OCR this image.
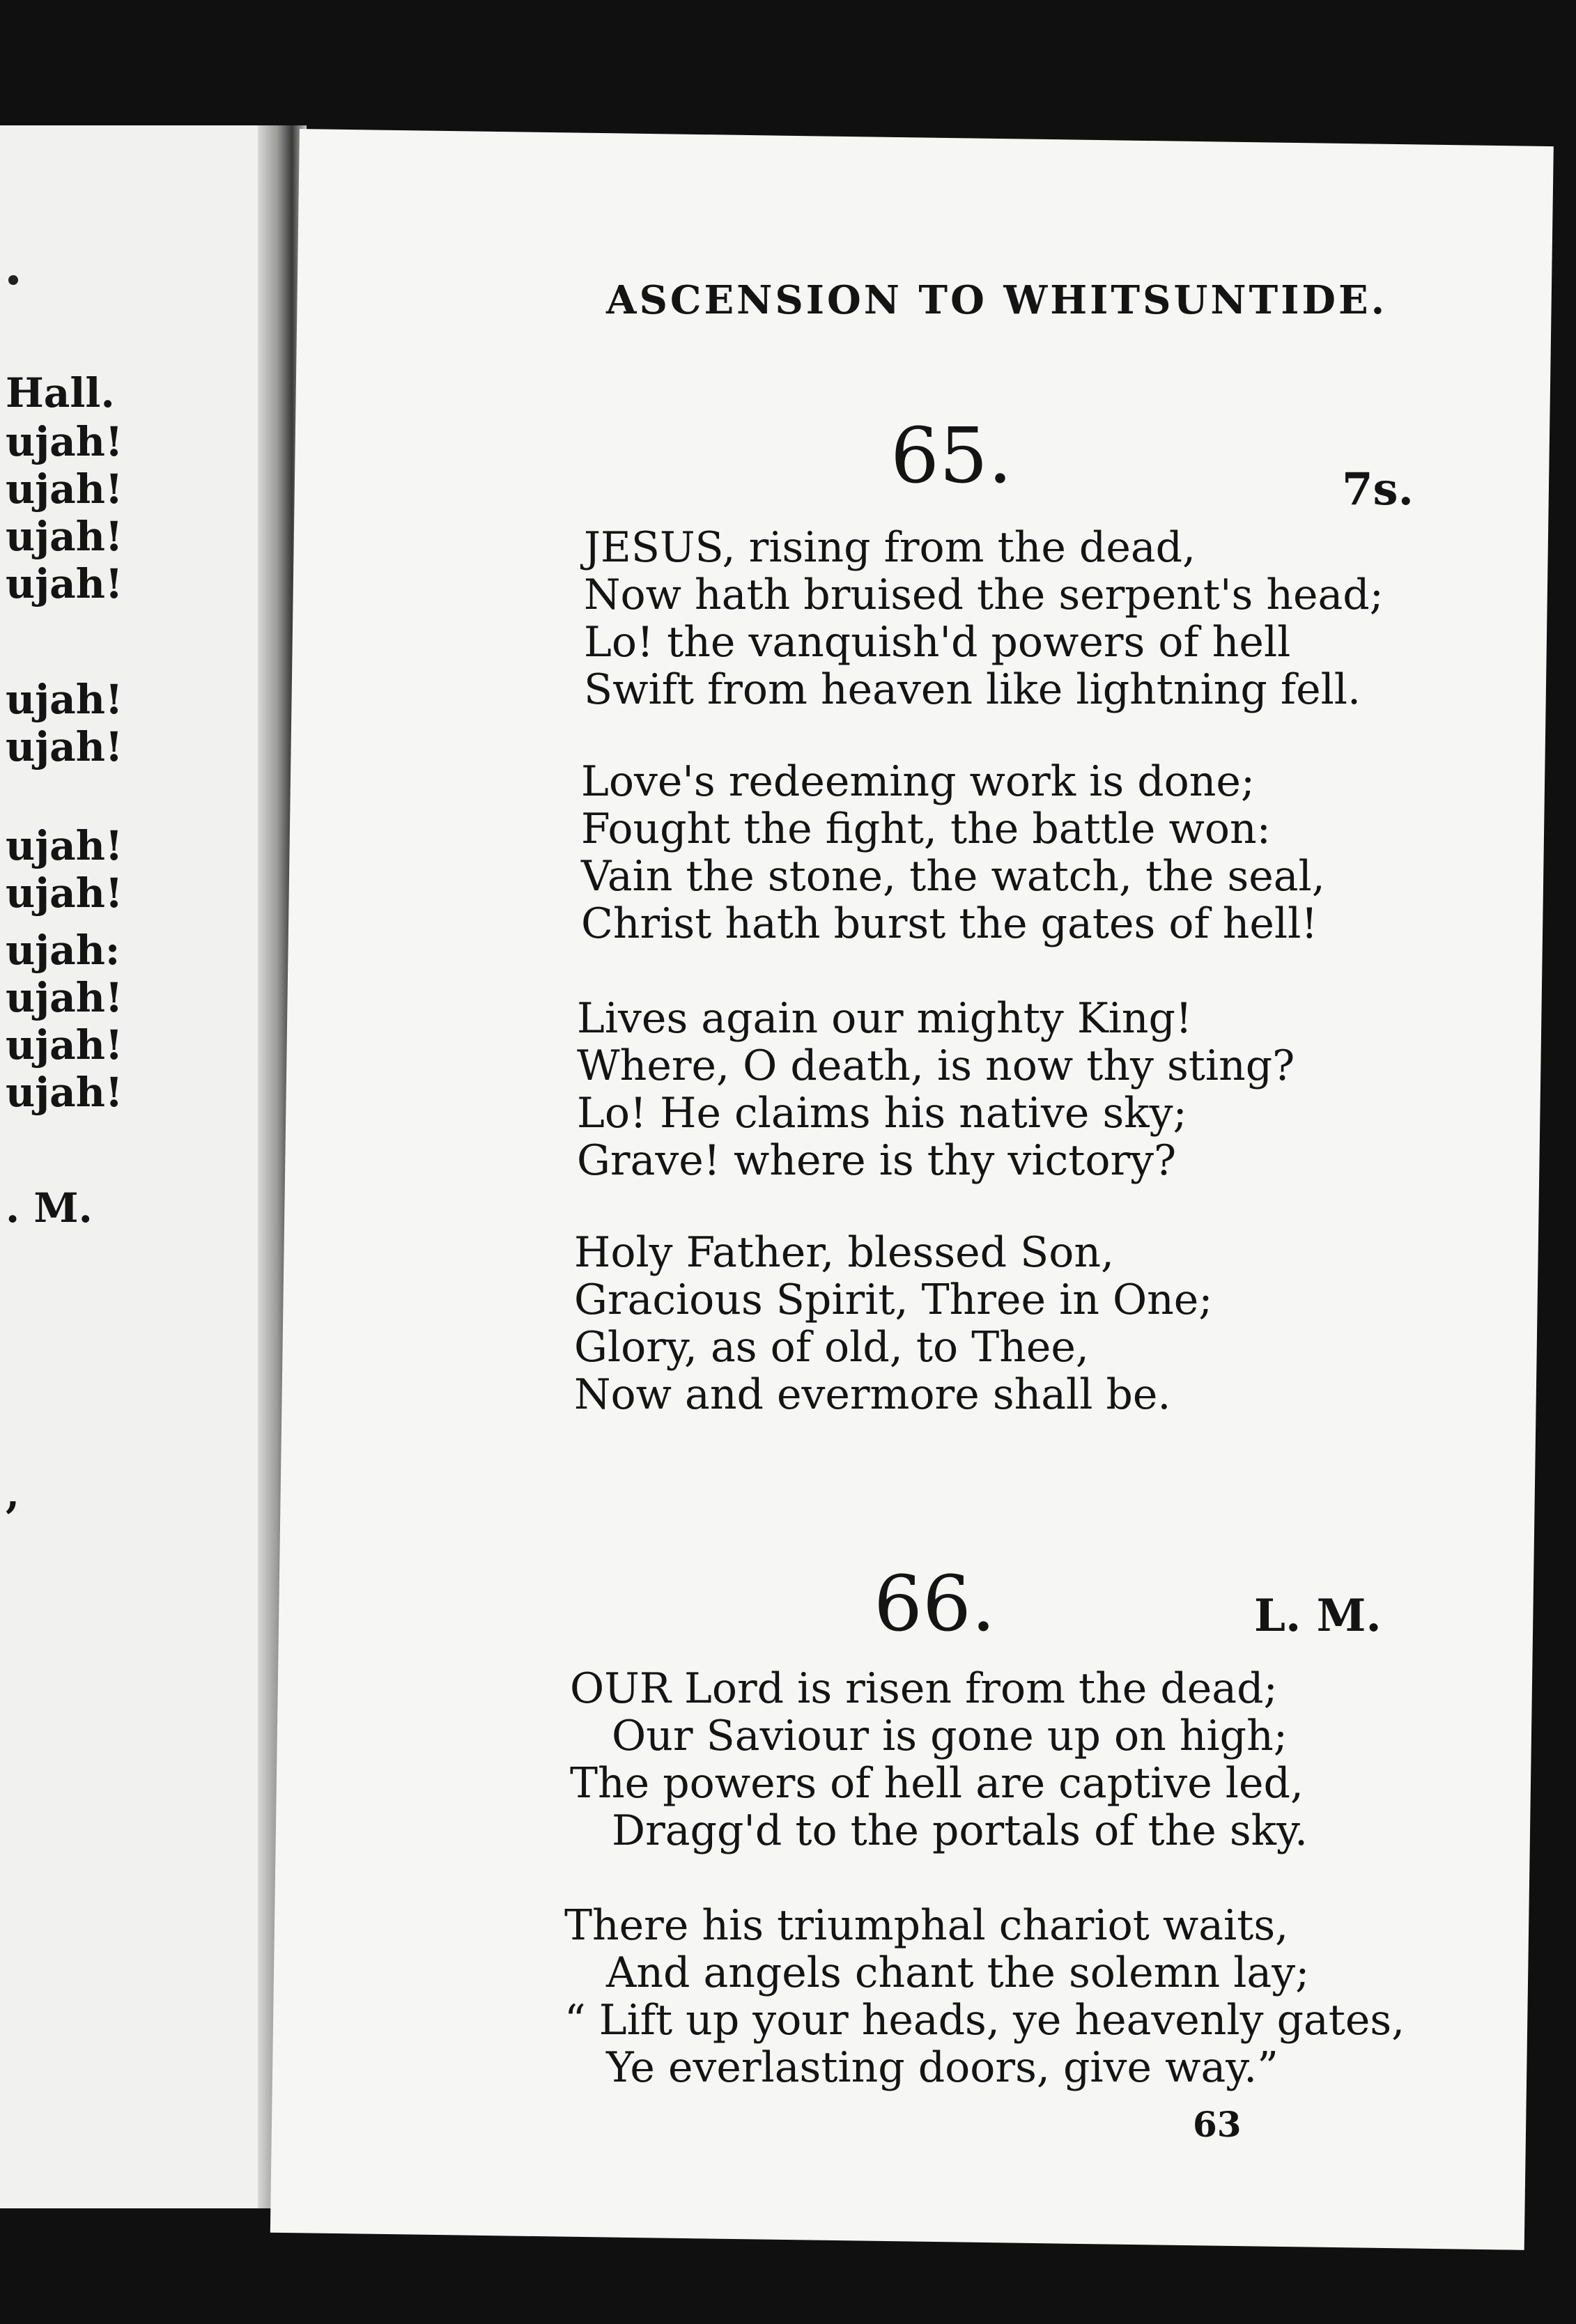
Hall.
ujah!
ujah!
ujah!
ujah!
ujah!
ujah!
ujah!
ujah!
ujah:
ujah!
ujah!
ujah!
. M.
,
ASCENSION TO WHITSUNTIDE.
65.	7s.
JESUS, rising from the dead,
Now hath bruised the serpent's head;
Lo! the vanquish'd powers of hell
Swift from heaven like lightning fell.
Love's redeeming work is done;
Fought the fight, the battle won:
Vain the stone, the watch, the seal,
Christ hath burst the gates of hell!
Lives again our mighty King!
Where, O death, is now thy sting?
Lo! He claims his native sky;
Grave! where is thy victory?
Holy Father, blessed Son,
Gracious Spirit, Three in One;
Glory, as of old, to Thee,
Now and evermore shall be.
66.	L. M.
OUR Lord is risen from the dead;
Our Saviour is gone up on high;
The powers of hell are captive led,
Dragg'd to the portals of the sky.
There his triumphal chariot waits,
And angels chant the solemn lay;
“ Lift up your heads, ye heavenly gates,
Ye everlasting doors, give way.”
63
